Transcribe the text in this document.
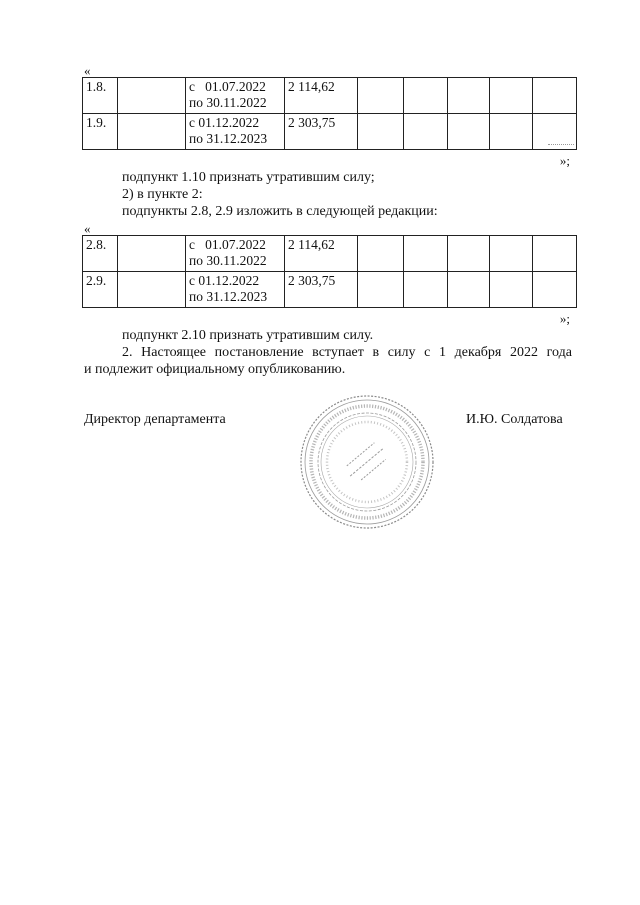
«
1.8.		с   01.07.2022
по 30.11.2022	2 114,62					
1.9.		с 01.12.2022
по 31.12.2023	2 303,75					
»;
подпункт 1.10 признать утратившим силу;
2) в пункте 2:
подпункты 2.8, 2.9 изложить в следующей редакции:
«
2.8.		с   01.07.2022
по 30.11.2022	2 114,62					
2.9.		с 01.12.2022
по 31.12.2023	2 303,75					
»;
подпункт 2.10 признать утратившим силу.
2. Настоящее постановление вступает в силу с 1 декабря 2022 года
и подлежит официальному опубликованию.
Директор департамента	И.Ю. Солдатова
